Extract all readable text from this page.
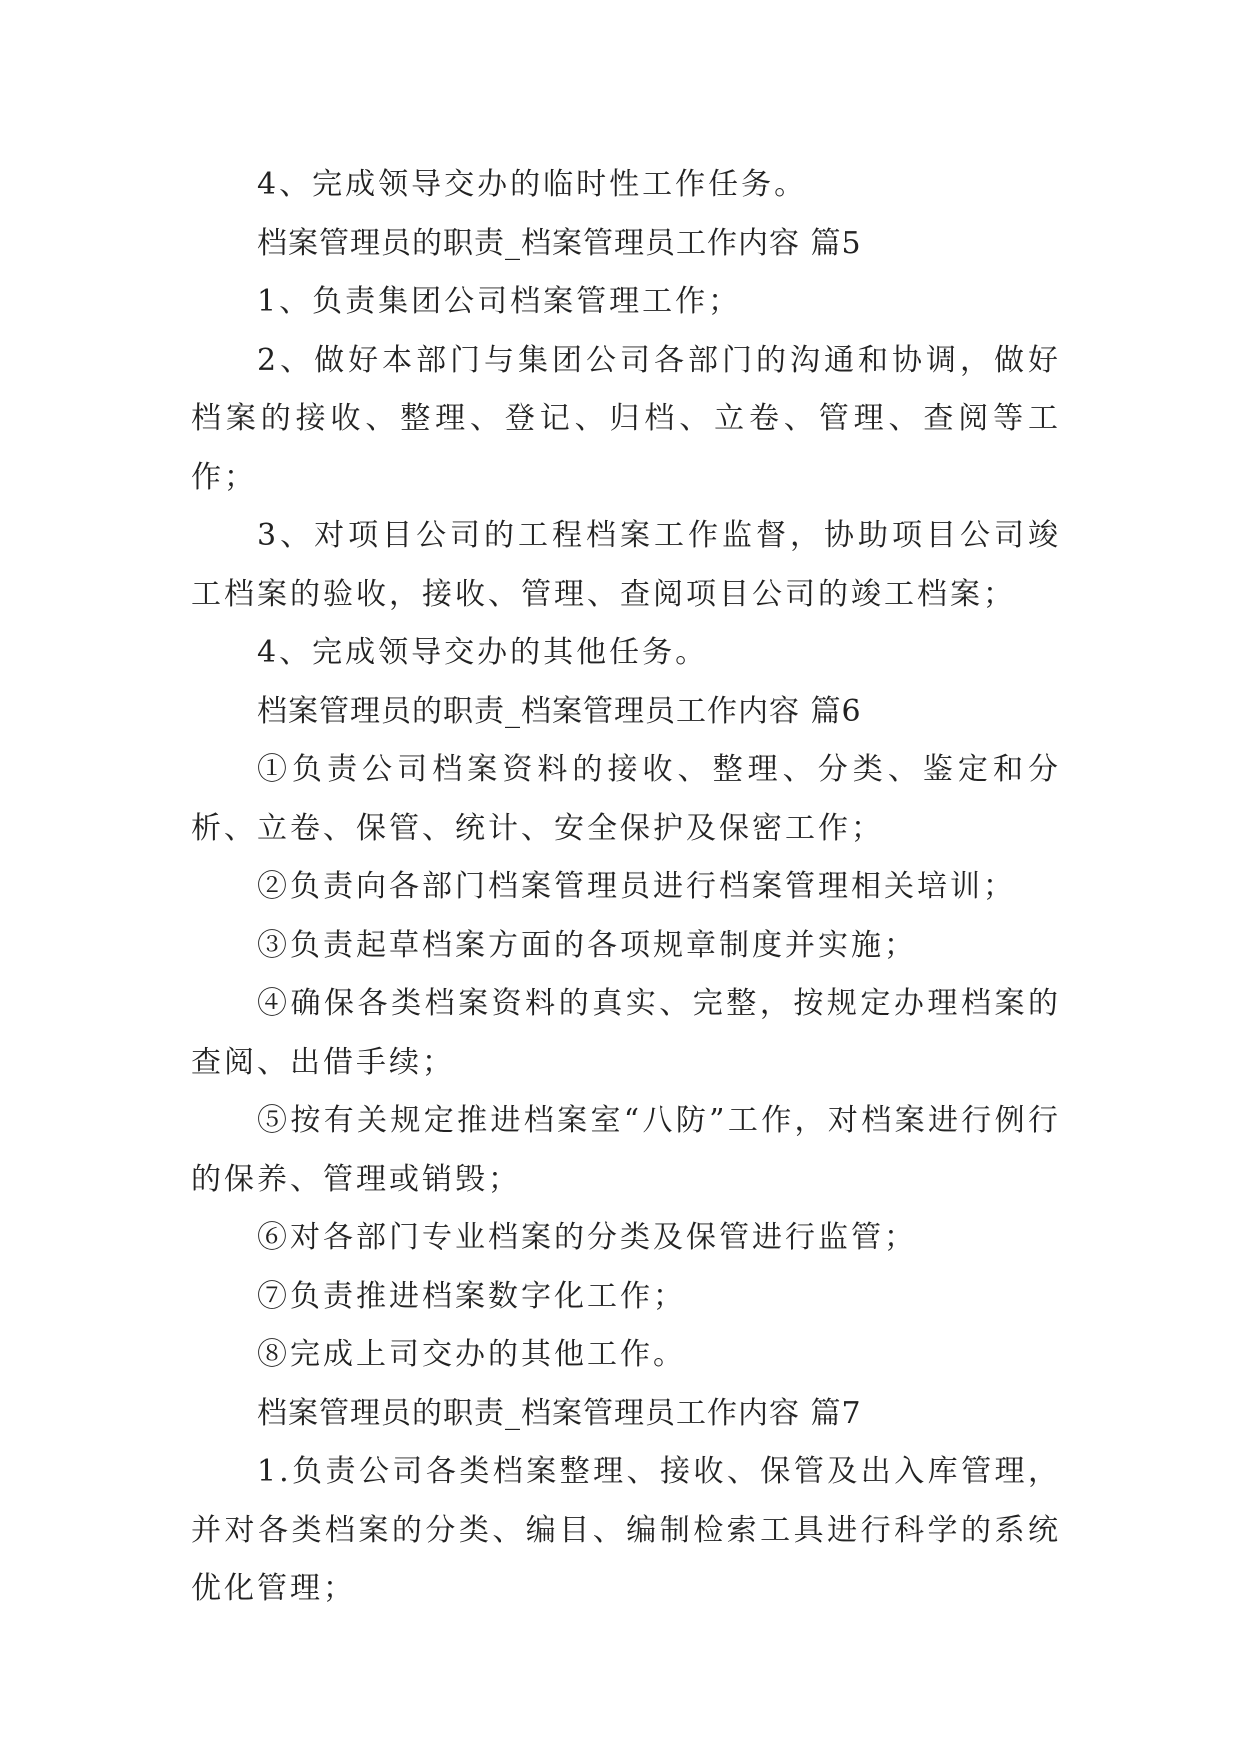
4、完成领导交办的临时性工作任务。

档案管理员的职责_档案管理员工作内容 篇5

1、负责集团公司档案管理工作；

2、做好本部门与集团公司各部门的沟通和协调，做好档案的接收、整理、登记、归档、立卷、管理、查阅等工作；

3、对项目公司的工程档案工作监督，协助项目公司竣工档案的验收，接收、管理、查阅项目公司的竣工档案；

4、完成领导交办的其他任务。

档案管理员的职责_档案管理员工作内容 篇6

①负责公司档案资料的接收、整理、分类、鉴定和分析、立卷、保管、统计、安全保护及保密工作；

②负责向各部门档案管理员进行档案管理相关培训；

③负责起草档案方面的各项规章制度并实施；

④确保各类档案资料的真实、完整，按规定办理档案的查阅、出借手续；

⑤按有关规定推进档案室“八防”工作，对档案进行例行的保养、管理或销毁；

⑥对各部门专业档案的分类及保管进行监管；

⑦负责推进档案数字化工作；

⑧完成上司交办的其他工作。

档案管理员的职责_档案管理员工作内容 篇7

1.负责公司各类档案整理、接收、保管及出入库管理，并对各类档案的分类、编目、编制检索工具进行科学的系统优化管理；
